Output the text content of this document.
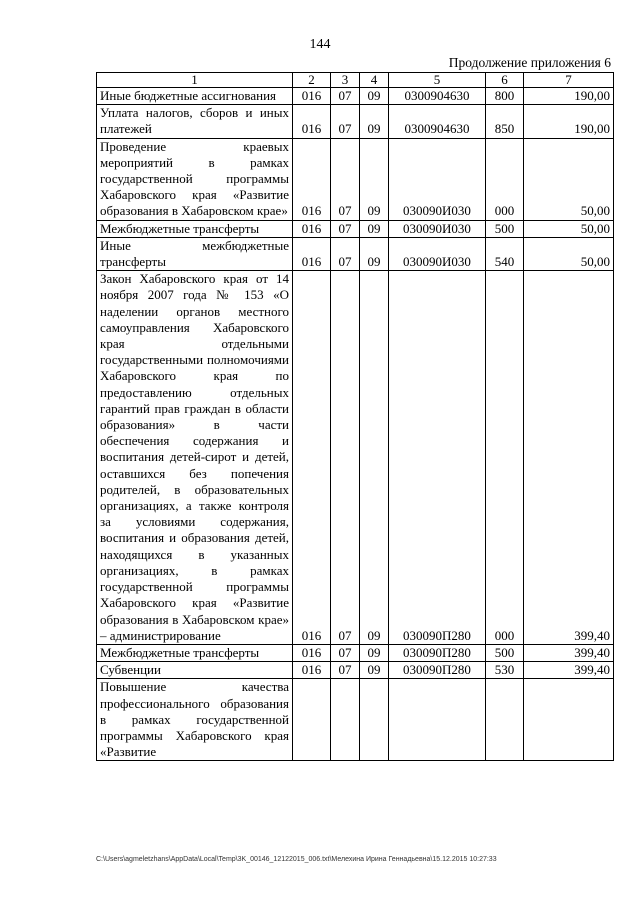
144
Продолжение приложения 6
1	2	3	4	5	6	7
Иные бюджетные ассигнования	016	07	09	0300904630	800	190,00
Уплата налогов, сборов и иных платежей	016	07	09	0300904630	850	190,00
Проведение краевых мероприятий в рамках государственной программы Хабаровского края «Развитие образования в Хабаровском крае»	016	07	09	030090И030	000	50,00
Межбюджетные трансферты	016	07	09	030090И030	500	50,00
Иные межбюджетные трансферты	016	07	09	030090И030	540	50,00
Закон Хабаровского края от 14 ноября 2007 года № 153 «О наделении органов местного самоуправления Хабаровского края отдельными государственными полномочиями Хабаровского края по предоставлению отдельных гарантий прав граждан в области образования» в части обеспечения содержания и воспитания детей-сирот и детей, оставшихся без попечения родителей, в образовательных организациях, а также контроля за условиями содержания, воспитания и образования детей, находящихся в указанных организациях, в рамках государственной программы Хабаровского края «Развитие образования в Хабаровском крае» – администрирование	016	07	09	030090П280	000	399,40
Межбюджетные трансферты	016	07	09	030090П280	500	399,40
Субвенции	016	07	09	030090П280	530	399,40
Повышение качества профессионального образования в рамках государственной программы Хабаровского края «Развитие						
C:\Users\agmeletzhans\AppData\Local\Temp\3K_00146_12122015_006.txt\Мелехина Ирина Геннадьевна\15.12.2015 10:27:33
